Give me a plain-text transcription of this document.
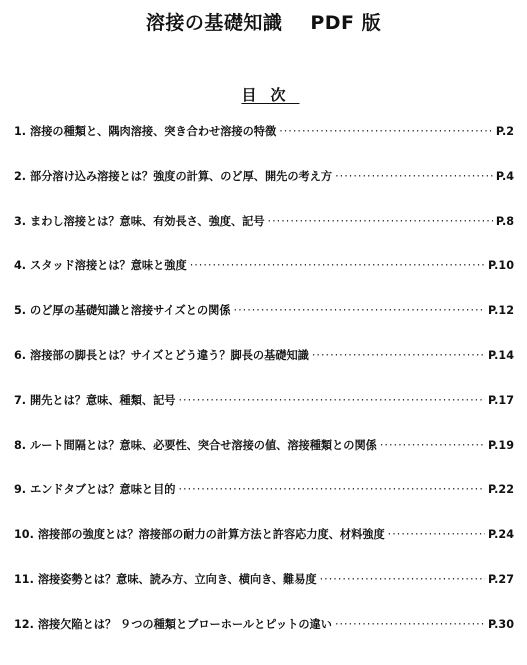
溶接の基礎知識 PDF 版
目次
1. 溶接の種類と、隅肉溶接、突き合わせ溶接の特徴 ·····	P.2
2. 部分溶け込み溶接とは？強度の計算、のど厚、開先の考え方 ·····	P.4
3. まわし溶接とは？意味、有効長さ、強度、記号 ·····	P.8
4. スタッド溶接とは？意味と強度 ·····	P.10
5. のど厚の基礎知識と溶接サイズとの関係 ·····	P.12
6. 溶接部の脚長とは？サイズとどう違う？脚長の基礎知識 ·····	P.14
7. 開先とは？意味、種類、記号 ·····	P.17
8. ルート間隔とは？意味、必要性、突合せ溶接の値、溶接種類との関係 ·····	P.19
9. エンドタブとは？意味と目的 ·····	P.22
10. 溶接部の強度とは？溶接部の耐力の計算方法と許容応力度、材料強度 ·····	P.24
11. 溶接姿勢とは？意味、読み方、立向き、横向き、難易度 ·····	P.27
12. 溶接欠陥とは？ ９つの種類とブローホールとピットの違い ·····	P.30
